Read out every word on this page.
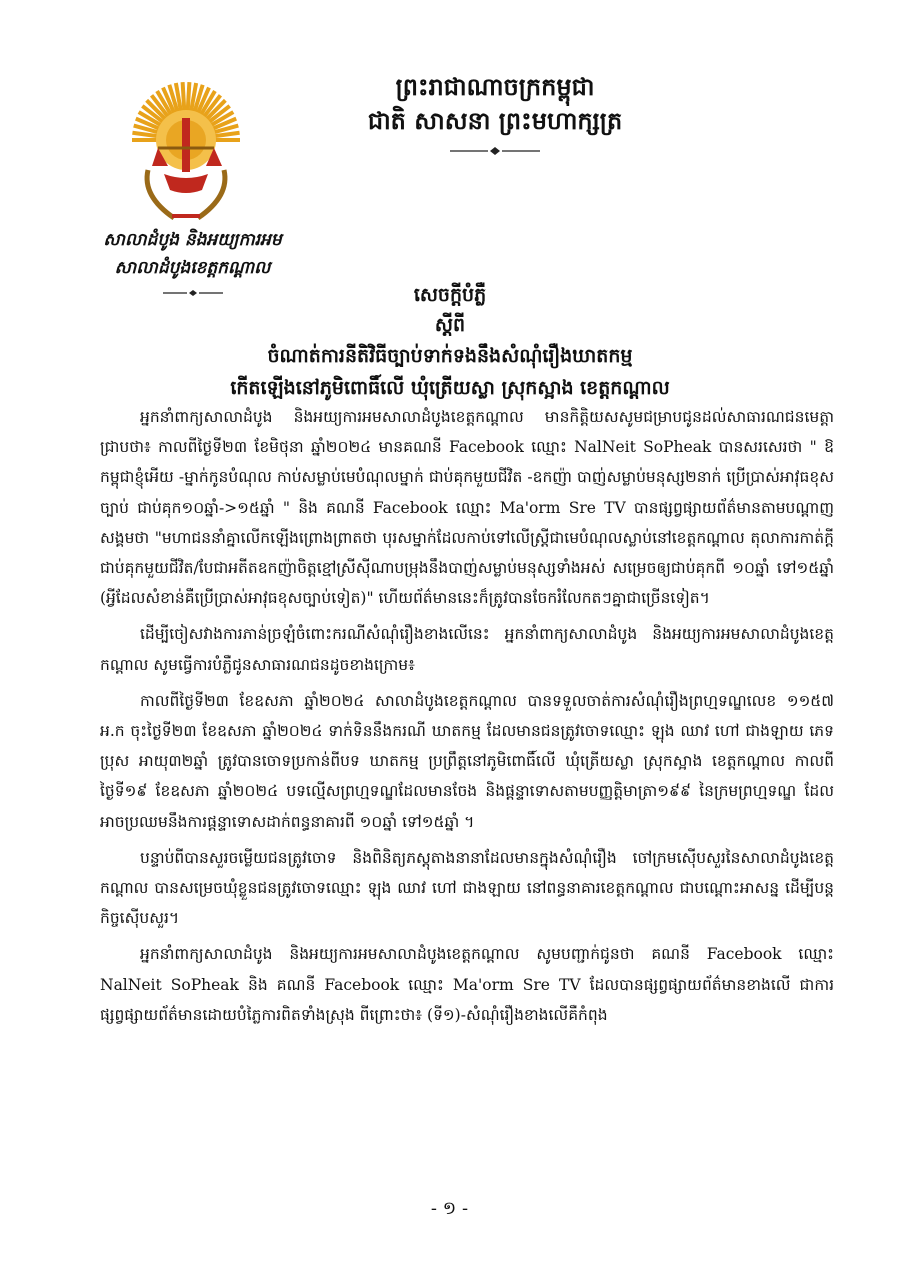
ព្រះរាជាណាចក្រកម្ពុជា
ជាតិ សាសនា ព្រះមហាក្សត្រ
សាលាដំបូង និងអយ្យការអម
សាលាដំបូងខេត្តកណ្តាល
សេចក្តីបំភ្លឺ
ស្តីពី
ចំណាត់ការនីតិវិធីច្បាប់ទាក់ទងនឹងសំណុំរឿងឃាតកម្ម
កើតឡើងនៅភូមិពោធិ៍លើ ឃុំត្រើយស្លា ស្រុកស្អាង ខេត្តកណ្តាល

អ្នកនាំពាក្យសាលាដំបូង និងអយ្យការអមសាលាដំបូងខេត្តកណ្តាល មានកិត្តិយសសូមជម្រាបជូនដល់សាធារណជនមេត្តាជ្រាបថា៖ កាលពីថ្ងៃទី២៣ ខែមិថុនា ឆ្នាំ២០២៤ មានគណនី Facebook ឈ្មោះ NalNeit SoPheak បានសរសេរថា " ឱកម្ពុជាខ្ញុំអើយ -ម្នាក់កូនបំណុល កាប់សម្លាប់មេបំណុលម្នាក់ ជាប់គុកមួយជីវិត -ឧកញ៉ា បាញ់សម្លាប់មនុស្ស២នាក់ ប្រើប្រាស់អាវុធខុសច្បាប់ ជាប់គុក១០ឆ្នាំ->១៥ឆ្នាំ " និង គណនី Facebook ឈ្មោះ Ma'orm Sre TV បានផ្សព្វផ្សាយព័ត៌មានតាមបណ្តាញសង្គមថា "មហាជននាំគ្នាលើកឡើងព្រោងព្រាតថា បុរសម្នាក់ដែលកាប់ទៅលើស្ត្រីជាមេបំណុលស្លាប់នៅខេត្តកណ្តាល តុលាការកាត់ក្តីជាប់គុកមួយជីវិត/បែជាអតីតឧកញ៉ាចិត្តខ្មៅស្រីស៊ីណាបម្រុងនឹងបាញ់សម្លាប់មនុស្សទាំងអស់ សម្រេចឲ្យជាប់គុកពី ១០ឆ្នាំ ទៅ១៥ឆ្នាំ (អ្វីដែលសំខាន់គឺប្រើប្រាស់អាវុធខុសច្បាប់ទៀត)" ហើយព័ត៌មាននេះក៏ត្រូវបានចែករំលែកតៗគ្នាជាច្រើនទៀត។

ដើម្បីចៀសវាងការភាន់ច្រឡំចំពោះករណីសំណុំរឿងខាងលើនេះ អ្នកនាំពាក្យសាលាដំបូង និងអយ្យការអមសាលាដំបូងខេត្តកណ្តាល សូមធ្វើការបំភ្លឺជូនសាធារណជនដូចខាងក្រោម៖

កាលពីថ្ងៃទី២៣ ខែឧសភា ឆ្នាំ២០២៤ សាលាដំបូងខេត្តកណ្តាល បានទទួលចាត់ការសំណុំរឿងព្រហ្មទណ្ឌលេខ ១១៥៧ អ.ក ចុះថ្ងៃទី២៣ ខែឧសភា ឆ្នាំ២០២៤ ទាក់ទិននឹងករណី ឃាតកម្ម ដែលមានជនត្រូវចោទឈ្មោះ ឡុង ឈាវ ហៅ ជាងឡាយ ភេទប្រុស អាយុ៣២ឆ្នាំ ត្រូវបានចោទប្រកាន់ពីបទ ឃាតកម្ម ប្រព្រឹត្តនៅភូមិពោធិ៍លើ ឃុំត្រើយស្លា ស្រុកស្អាង ខេត្តកណ្តាល កាលពីថ្ងៃទី១៩ ខែឧសភា ឆ្នាំ២០២៤ បទល្មើសព្រហ្មទណ្ឌដែលមានចែង និងផ្តន្ទាទោសតាមបញ្ញត្តិមាត្រា១៩៩ នៃក្រមព្រហ្មទណ្ឌ ដែលអាចប្រឈមនឹងការផ្តន្ទាទោសដាក់ពន្ធនាគារពី ១០ឆ្នាំ ទៅ១៥ឆ្នាំ ។

បន្ទាប់ពីបានសួរចម្លើយជនត្រូវចោទ និងពិនិត្យភស្តុតាងនានាដែលមានក្នុងសំណុំរឿង ចៅក្រមស៊ើបសួរនៃសាលាដំបូងខេត្តកណ្តាល បានសម្រេចឃុំខ្លួនជនត្រូវចោទឈ្មោះ ឡុង ឈាវ ហៅ ជាងឡាយ នៅពន្ធនាគារខេត្តកណ្តាល ជាបណ្តោះអាសន្ន ដើម្បីបន្តកិច្ចស៊ើបសួរ។

អ្នកនាំពាក្យសាលាដំបូង និងអយ្យការអមសាលាដំបូងខេត្តកណ្តាល សូមបញ្ជាក់ជូនថា គណនី Facebook ឈ្មោះ NalNeit SoPheak និង គណនី Facebook ឈ្មោះ Ma'orm Sre TV ដែលបានផ្សព្វផ្សាយព័ត៌មានខាងលើ ជាការផ្សព្វផ្សាយព័ត៌មានដោយបំភ្លៃការពិតទាំងស្រុង ពីព្រោះថា៖ (ទី១)-សំណុំរឿងខាងលើគឺកំពុង

- ១ -
